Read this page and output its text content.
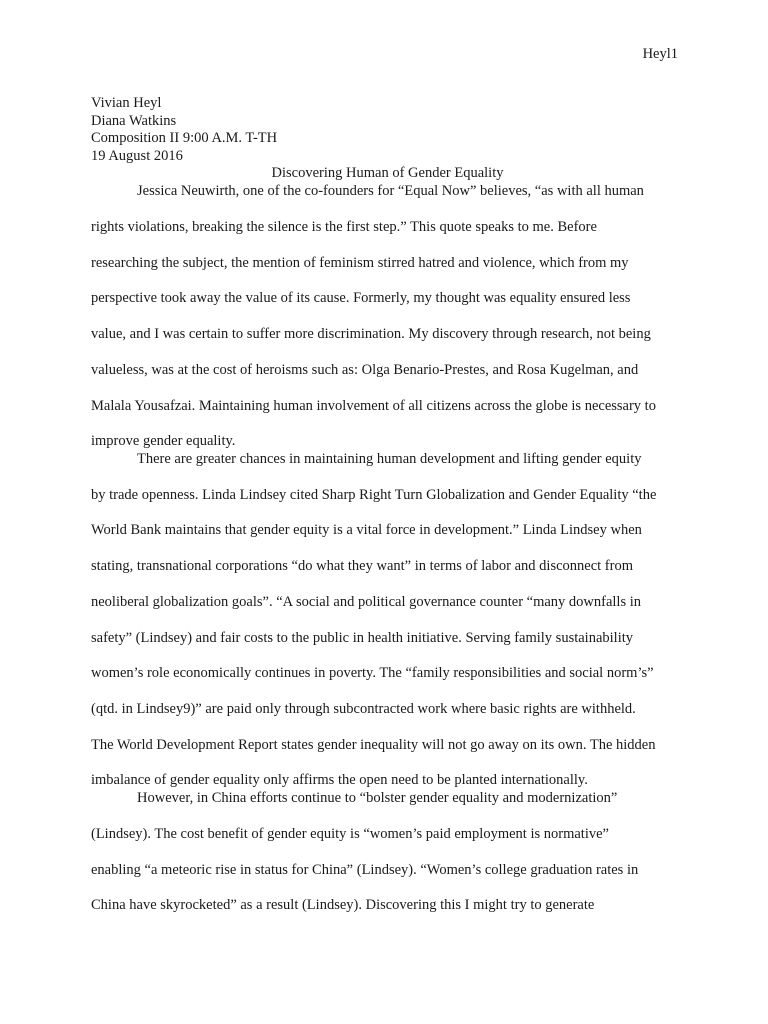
Heyl1
Vivian Heyl
Diana Watkins
Composition II 9:00 A.M. T-TH
19 August 2016
Discovering Human of Gender Equality
Jessica Neuwirth, one of the co-founders for “Equal Now” believes, “as with all human
rights violations, breaking the silence is the first step.” This quote speaks to me. Before
researching the subject, the mention of feminism stirred hatred and violence, which from my
perspective took away the value of its cause. Formerly, my thought was equality ensured less
value, and I was certain to suffer more discrimination. My discovery through research, not being
valueless, was at the cost of heroisms such as: Olga Benario-Prestes, and Rosa Kugelman, and
Malala Yousafzai. Maintaining human involvement of all citizens across the globe is necessary to
improve gender equality.
There are greater chances in maintaining human development and lifting gender equity
by trade openness. Linda Lindsey cited Sharp Right Turn Globalization and Gender Equality “the
World Bank maintains that gender equity is a vital force in development.” Linda Lindsey when
stating, transnational corporations “do what they want” in terms of labor and disconnect from
neoliberal globalization goals”. “A social and political governance counter “many downfalls in
safety” (Lindsey) and fair costs to the public in health initiative. Serving family sustainability
women’s role economically continues in poverty. The “family responsibilities and social norm’s”
(qtd. in Lindsey9)” are paid only through subcontracted work where basic rights are withheld.
The World Development Report states gender inequality will not go away on its own. The hidden
imbalance of gender equality only affirms the open need to be planted internationally.
However, in China efforts continue to “bolster gender equality and modernization”
(Lindsey). The cost benefit of gender equity is “women’s paid employment is normative”
enabling “a meteoric rise in status for China” (Lindsey). “Women’s college graduation rates in
China have skyrocketed” as a result (Lindsey). Discovering this I might try to generate
